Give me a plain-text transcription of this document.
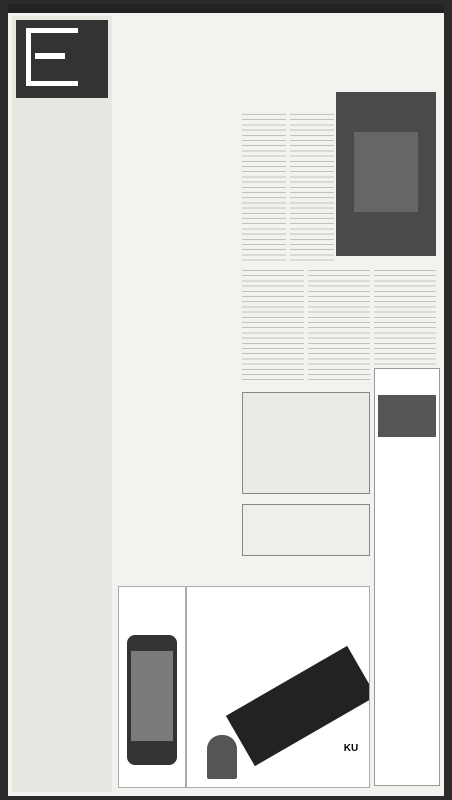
KU
